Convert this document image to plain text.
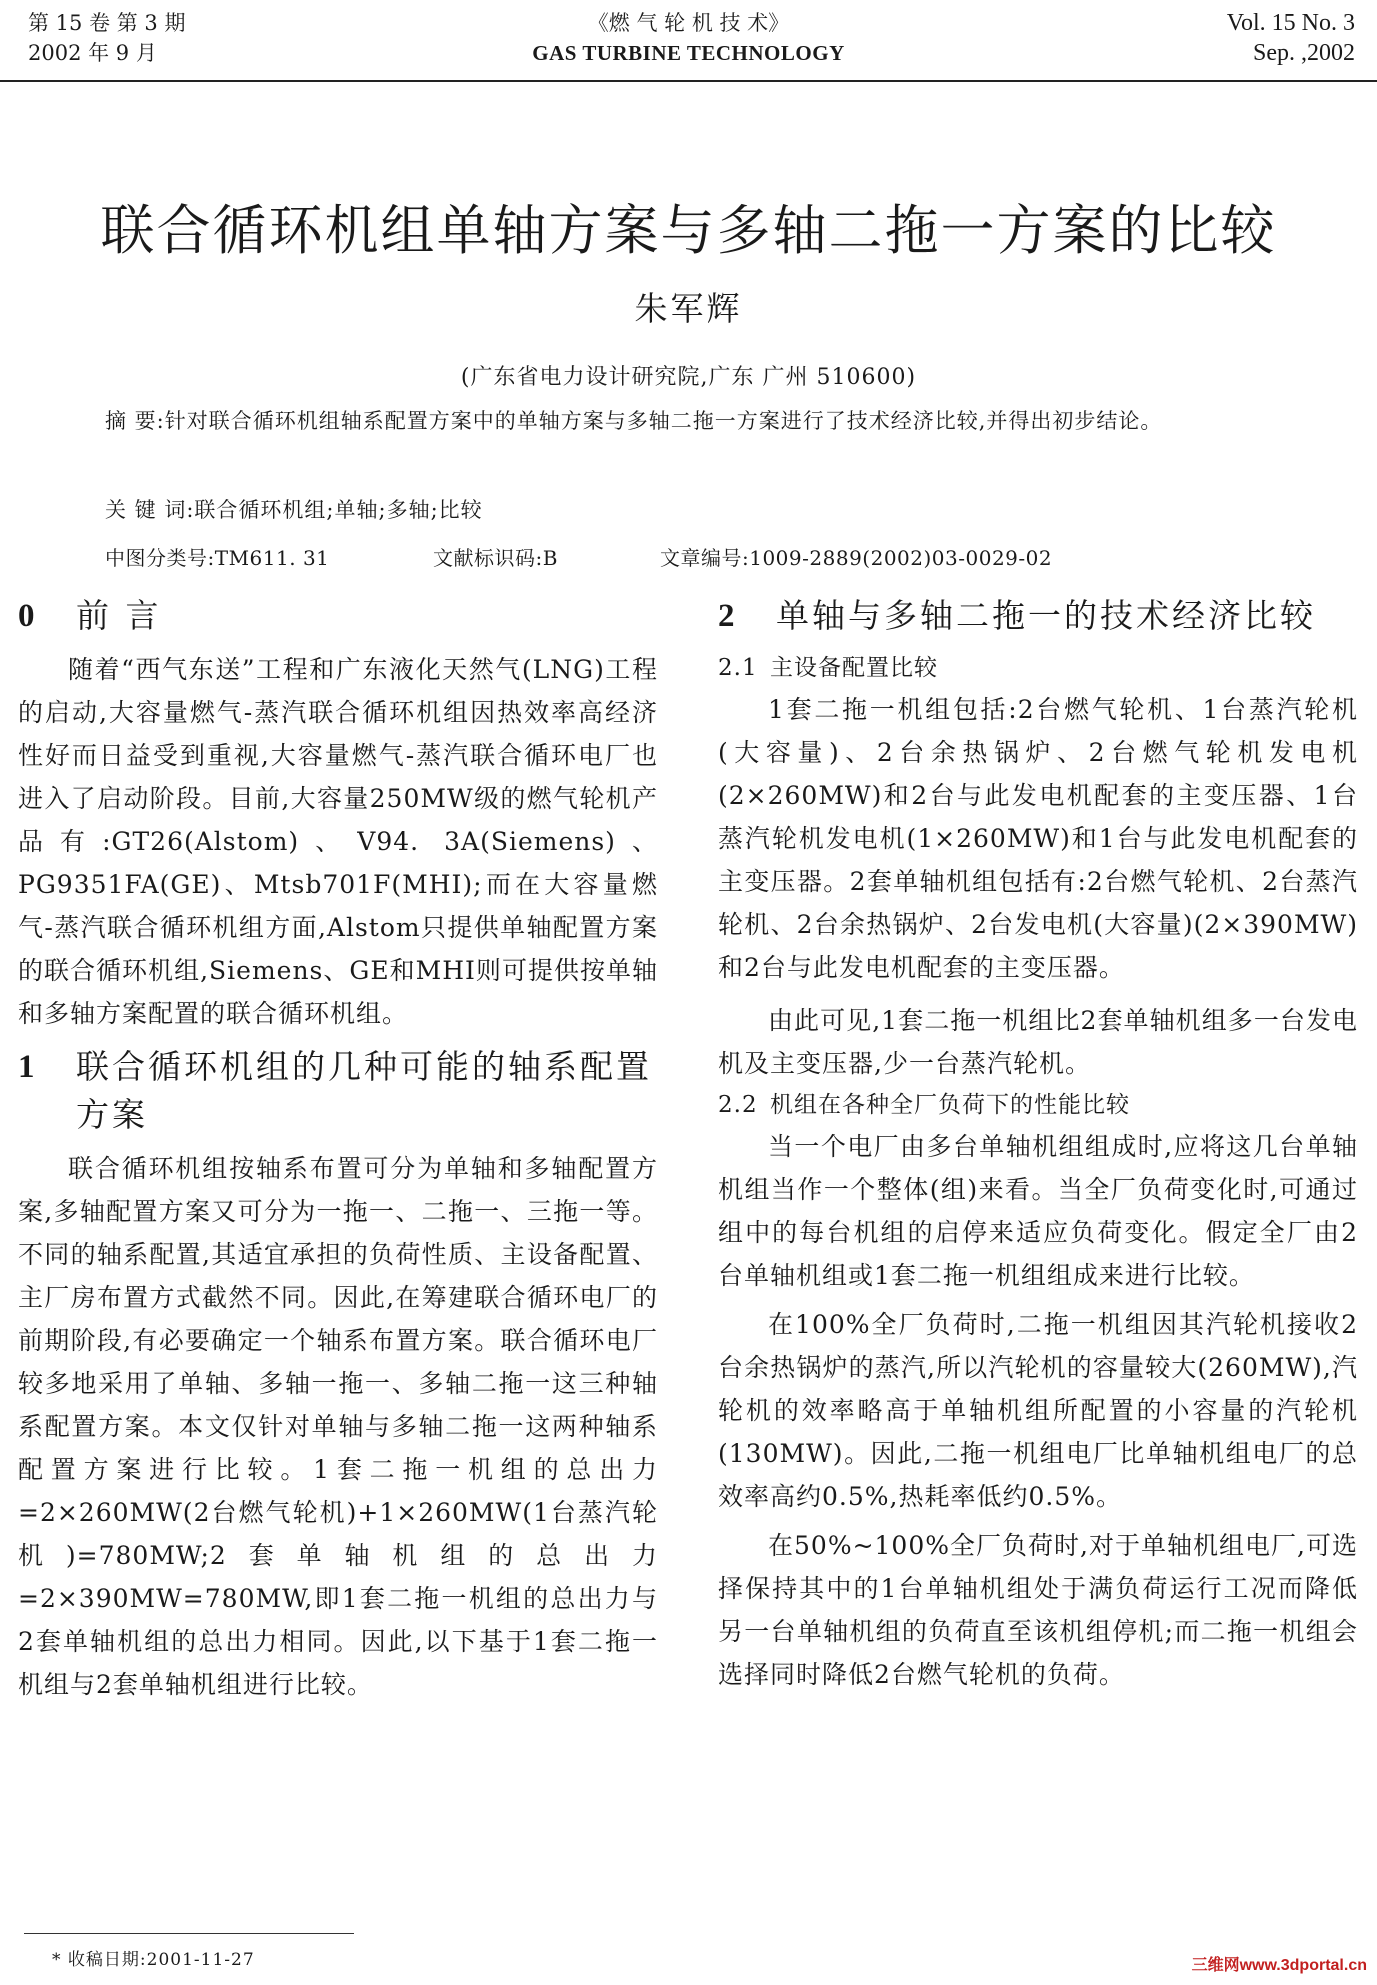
第 15 卷 第 3 期
2002 年 9 月
《燃 气 轮 机 技 术》
GAS TURBINE TECHNOLOGY
Vol. 15 No. 3
Sep. ,2002
联合循环机组单轴方案与多轴二拖一方案的比较
朱军辉
(广东省电力设计研究院,广东 广州 510600)
摘 要:针对联合循环机组轴系配置方案中的单轴方案与多轴二拖一方案进行了技术经济比较,并得出初步结论。
关 键 词:联合循环机组;单轴;多轴;比较
中图分类号:TM611. 31	文献标识码:B	文章编号:1009-2889(2002)03-0029-02
0	前 言

随着“西气东送”工程和广东液化天然气(LNG)工程的启动,大容量燃气-蒸汽联合循环机组因热效率高经济性好而日益受到重视,大容量燃气-蒸汽联合循环电厂也进入了启动阶段。目前,大容量250MW级的燃气轮机产品有:GT26(Alstom)、V94. 3A(Siemens)、PG9351FA(GE)、Mtsb701F(MHI);而在大容量燃气-蒸汽联合循环机组方面,Alstom只提供单轴配置方案的联合循环机组,Siemens、GE和MHI则可提供按单轴和多轴方案配置的联合循环机组。

1	联合循环机组的几种可能的轴系配置方案

联合循环机组按轴系布置可分为单轴和多轴配置方案,多轴配置方案又可分为一拖一、二拖一、三拖一等。不同的轴系配置,其适宜承担的负荷性质、主设备配置、主厂房布置方式截然不同。因此,在筹建联合循环电厂的前期阶段,有必要确定一个轴系布置方案。联合循环电厂较多地采用了单轴、多轴一拖一、多轴二拖一这三种轴系配置方案。本文仅针对单轴与多轴二拖一这两种轴系配置方案进行比较。1套二拖一机组的总出力=2×260MW(2台燃气轮机)+1×260MW(1台蒸汽轮机)=780MW;2套单轴机组的总出力=2×390MW=780MW,即1套二拖一机组的总出力与2套单轴机组的总出力相同。因此,以下基于1套二拖一机组与2套单轴机组进行比较。

2	单轴与多轴二拖一的技术经济比较
2.1 主设备配置比较

1套二拖一机组包括:2台燃气轮机、1台蒸汽轮机(大容量)、2台余热锅炉、2台燃气轮机发电机(2×260MW)和2台与此发电机配套的主变压器、1台蒸汽轮机发电机(1×260MW)和1台与此发电机配套的主变压器。2套单轴机组包括有:2台燃气轮机、2台蒸汽轮机、2台余热锅炉、2台发电机(大容量)(2×390MW)和2台与此发电机配套的主变压器。

由此可见,1套二拖一机组比2套单轴机组多一台发电机及主变压器,少一台蒸汽轮机。

2.2 机组在各种全厂负荷下的性能比较

当一个电厂由多台单轴机组组成时,应将这几台单轴机组当作一个整体(组)来看。当全厂负荷变化时,可通过组中的每台机组的启停来适应负荷变化。假定全厂由2台单轴机组或1套二拖一机组组成来进行比较。

在100%全厂负荷时,二拖一机组因其汽轮机接收2台余热锅炉的蒸汽,所以汽轮机的容量较大(260MW),汽轮机的效率略高于单轴机组所配置的小容量的汽轮机(130MW)。因此,二拖一机组电厂比单轴机组电厂的总效率高约0.5%,热耗率低约0.5%。

在50%~100%全厂负荷时,对于单轴机组电厂,可选择保持其中的1台单轴机组处于满负荷运行工况而降低另一台单轴机组的负荷直至该机组停机;而二拖一机组会选择同时降低2台燃气轮机的负荷。

* 收稿日期:2001-11-27	三维网www.3dportal.cn
